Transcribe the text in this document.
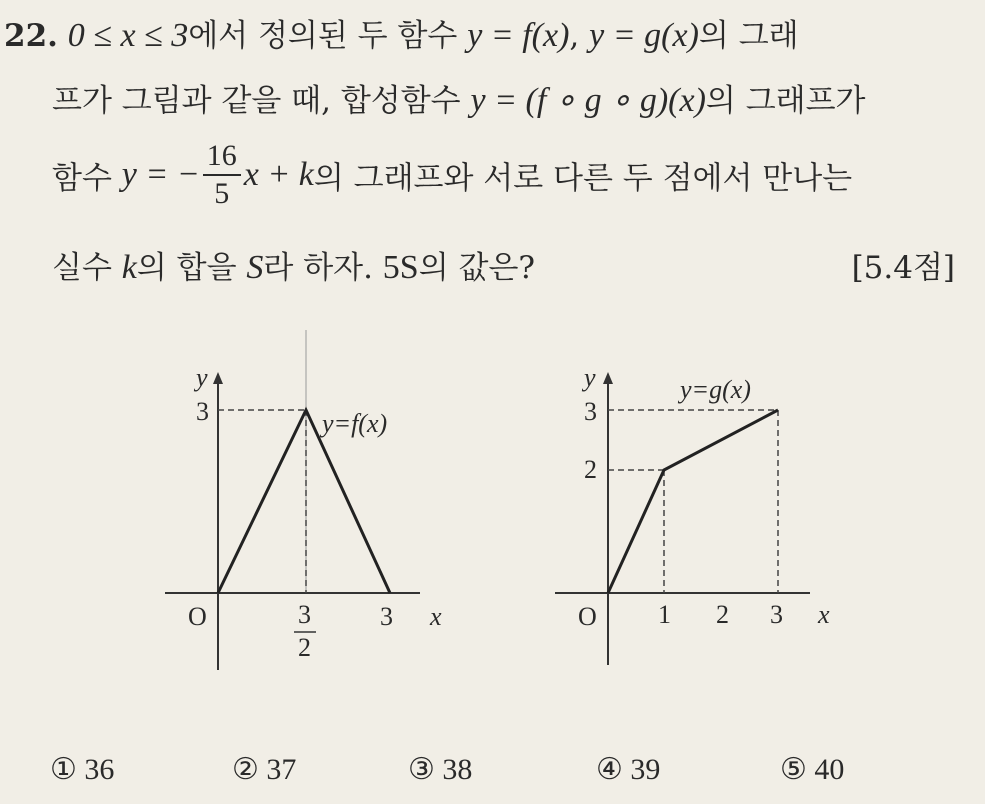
22. 0 ≤ x ≤ 3에서 정의된 두 함수 y = f(x), y = g(x)의 그래
프가 그림과 같을 때, 합성함수 y = (f ∘ g ∘ g)(x)의 그래프가
함수 y = − $\frac{16}{5}$ x + k의 그래프와 서로 다른 두 점에서 만나는
실수 k의 합을 S라 하자. 5S의 값은?	[5.4점]
y
3
O	3
2
3 x
y=f(x)
y
3
2
O 1 2 3 x
y=g(x)
① 36	② 37	③ 38	④ 39	⑤ 40
